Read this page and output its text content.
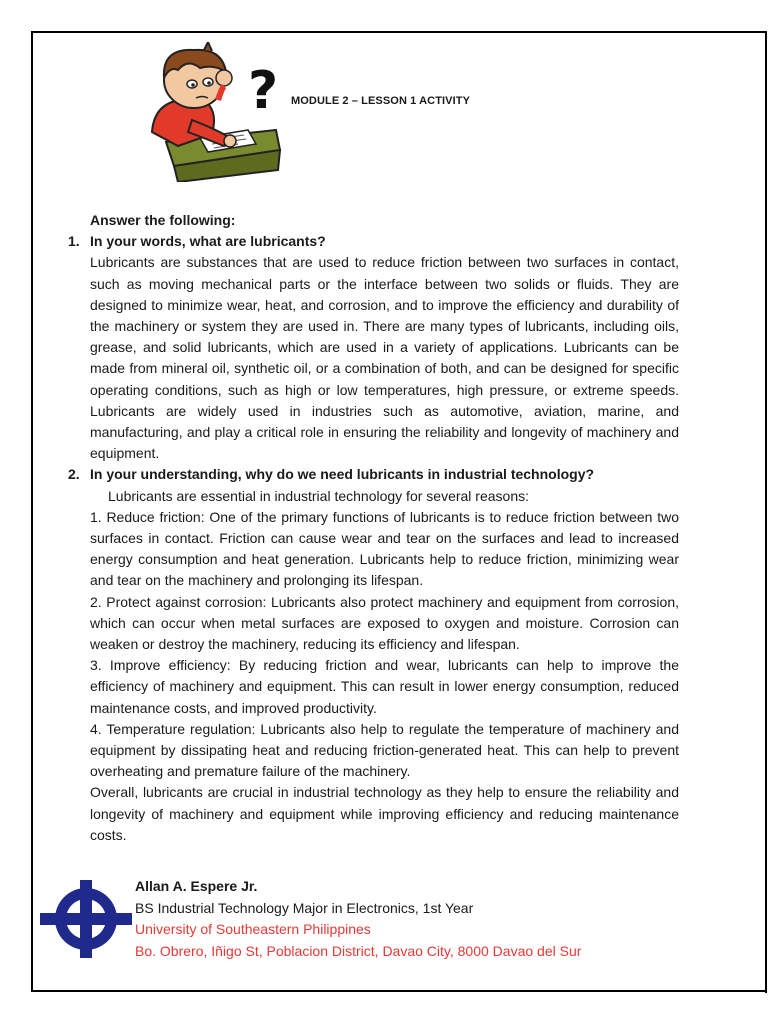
? MODULE 2 – LESSON 1 ACTIVITY

Answer the following:

1. In your words, what are lubricants?

Lubricants are substances that are used to reduce friction between two surfaces in contact, such as moving mechanical parts or the interface between two solids or fluids. They are designed to minimize wear, heat, and corrosion, and to improve the efficiency and durability of the machinery or system they are used in. There are many types of lubricants, including oils, grease, and solid lubricants, which are used in a variety of applications. Lubricants can be made from mineral oil, synthetic oil, or a combination of both, and can be designed for specific operating conditions, such as high or low temperatures, high pressure, or extreme speeds. Lubricants are widely used in industries such as automotive, aviation, marine, and manufacturing, and play a critical role in ensuring the reliability and longevity of machinery and equipment.

2. In your understanding, why do we need lubricants in industrial technology?

Lubricants are essential in industrial technology for several reasons:

1. Reduce friction: One of the primary functions of lubricants is to reduce friction between two surfaces in contact. Friction can cause wear and tear on the surfaces and lead to increased energy consumption and heat generation. Lubricants help to reduce friction, minimizing wear and tear on the machinery and prolonging its lifespan.

2. Protect against corrosion: Lubricants also protect machinery and equipment from corrosion, which can occur when metal surfaces are exposed to oxygen and moisture. Corrosion can weaken or destroy the machinery, reducing its efficiency and lifespan.

3. Improve efficiency: By reducing friction and wear, lubricants can help to improve the efficiency of machinery and equipment. This can result in lower energy consumption, reduced maintenance costs, and improved productivity.

4. Temperature regulation: Lubricants also help to regulate the temperature of machinery and equipment by dissipating heat and reducing friction-generated heat. This can help to prevent overheating and premature failure of the machinery.

Overall, lubricants are crucial in industrial technology as they help to ensure the reliability and longevity of machinery and equipment while improving efficiency and reducing maintenance costs.

Allan A. Espere Jr.
BS Industrial Technology Major in Electronics, 1st Year
University of Southeastern Philippines
Bo. Obrero, Iñigo St, Poblacion District, Davao City, 8000 Davao del Sur
